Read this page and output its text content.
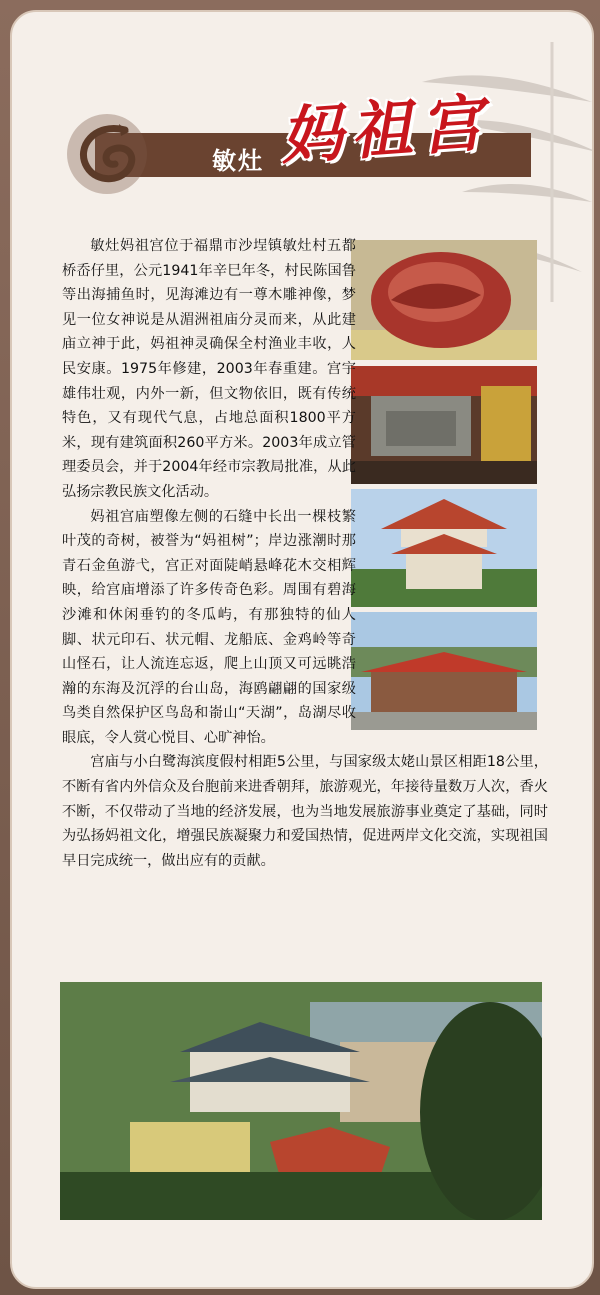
敏灶 妈祖宫

敏灶妈祖宫位于福鼎市沙埕镇敏灶村五都桥岙仔里，公元1941年辛巳年冬，村民陈国鲁等出海捕鱼时，见海滩边有一尊木雕神像，梦见一位女神说是从湄洲祖庙分灵而来，从此建庙立神于此，妈祖神灵确保全村渔业丰收，人民安康。1975年修建，2003年春重建。宫宇雄伟壮观，内外一新，但文物依旧，既有传统特色，又有现代气息，占地总面积1800平方米，现有建筑面积260平方米。2003年成立管理委员会，并于2004年经市宗教局批准，从此弘扬宗教民族文化活动。

妈祖宫庙塑像左侧的石缝中长出一棵枝繁叶茂的奇树，被誉为“妈祖树”；岸边涨潮时那青石金鱼游弋，宫正对面陡峭悬峰花木交相辉映，给宫庙增添了许多传奇色彩。周围有碧海沙滩和休闲垂钓的冬瓜屿，有那独特的仙人脚、状元印石、状元帽、龙船底、金鸡岭等奇山怪石，让人流连忘返，爬上山顶又可远眺浩瀚的东海及沉浮的台山岛，海鸥翩翩的国家级鸟类自然保护区鸟岛和嵛山“天湖”，岛湖尽收眼底，令人赏心悦目、心旷神怡。

宫庙与小白鹭海滨度假村相距5公里，与国家级太姥山景区相距18公里，不断有省内外信众及台胞前来进香朝拜，旅游观光，年接待量数万人次，香火不断，不仅带动了当地的经济发展，也为当地发展旅游事业奠定了基础，同时为弘扬妈祖文化，增强民族凝聚力和爱国热情，促进两岸文化交流，实现祖国早日完成统一，做出应有的贡献。
